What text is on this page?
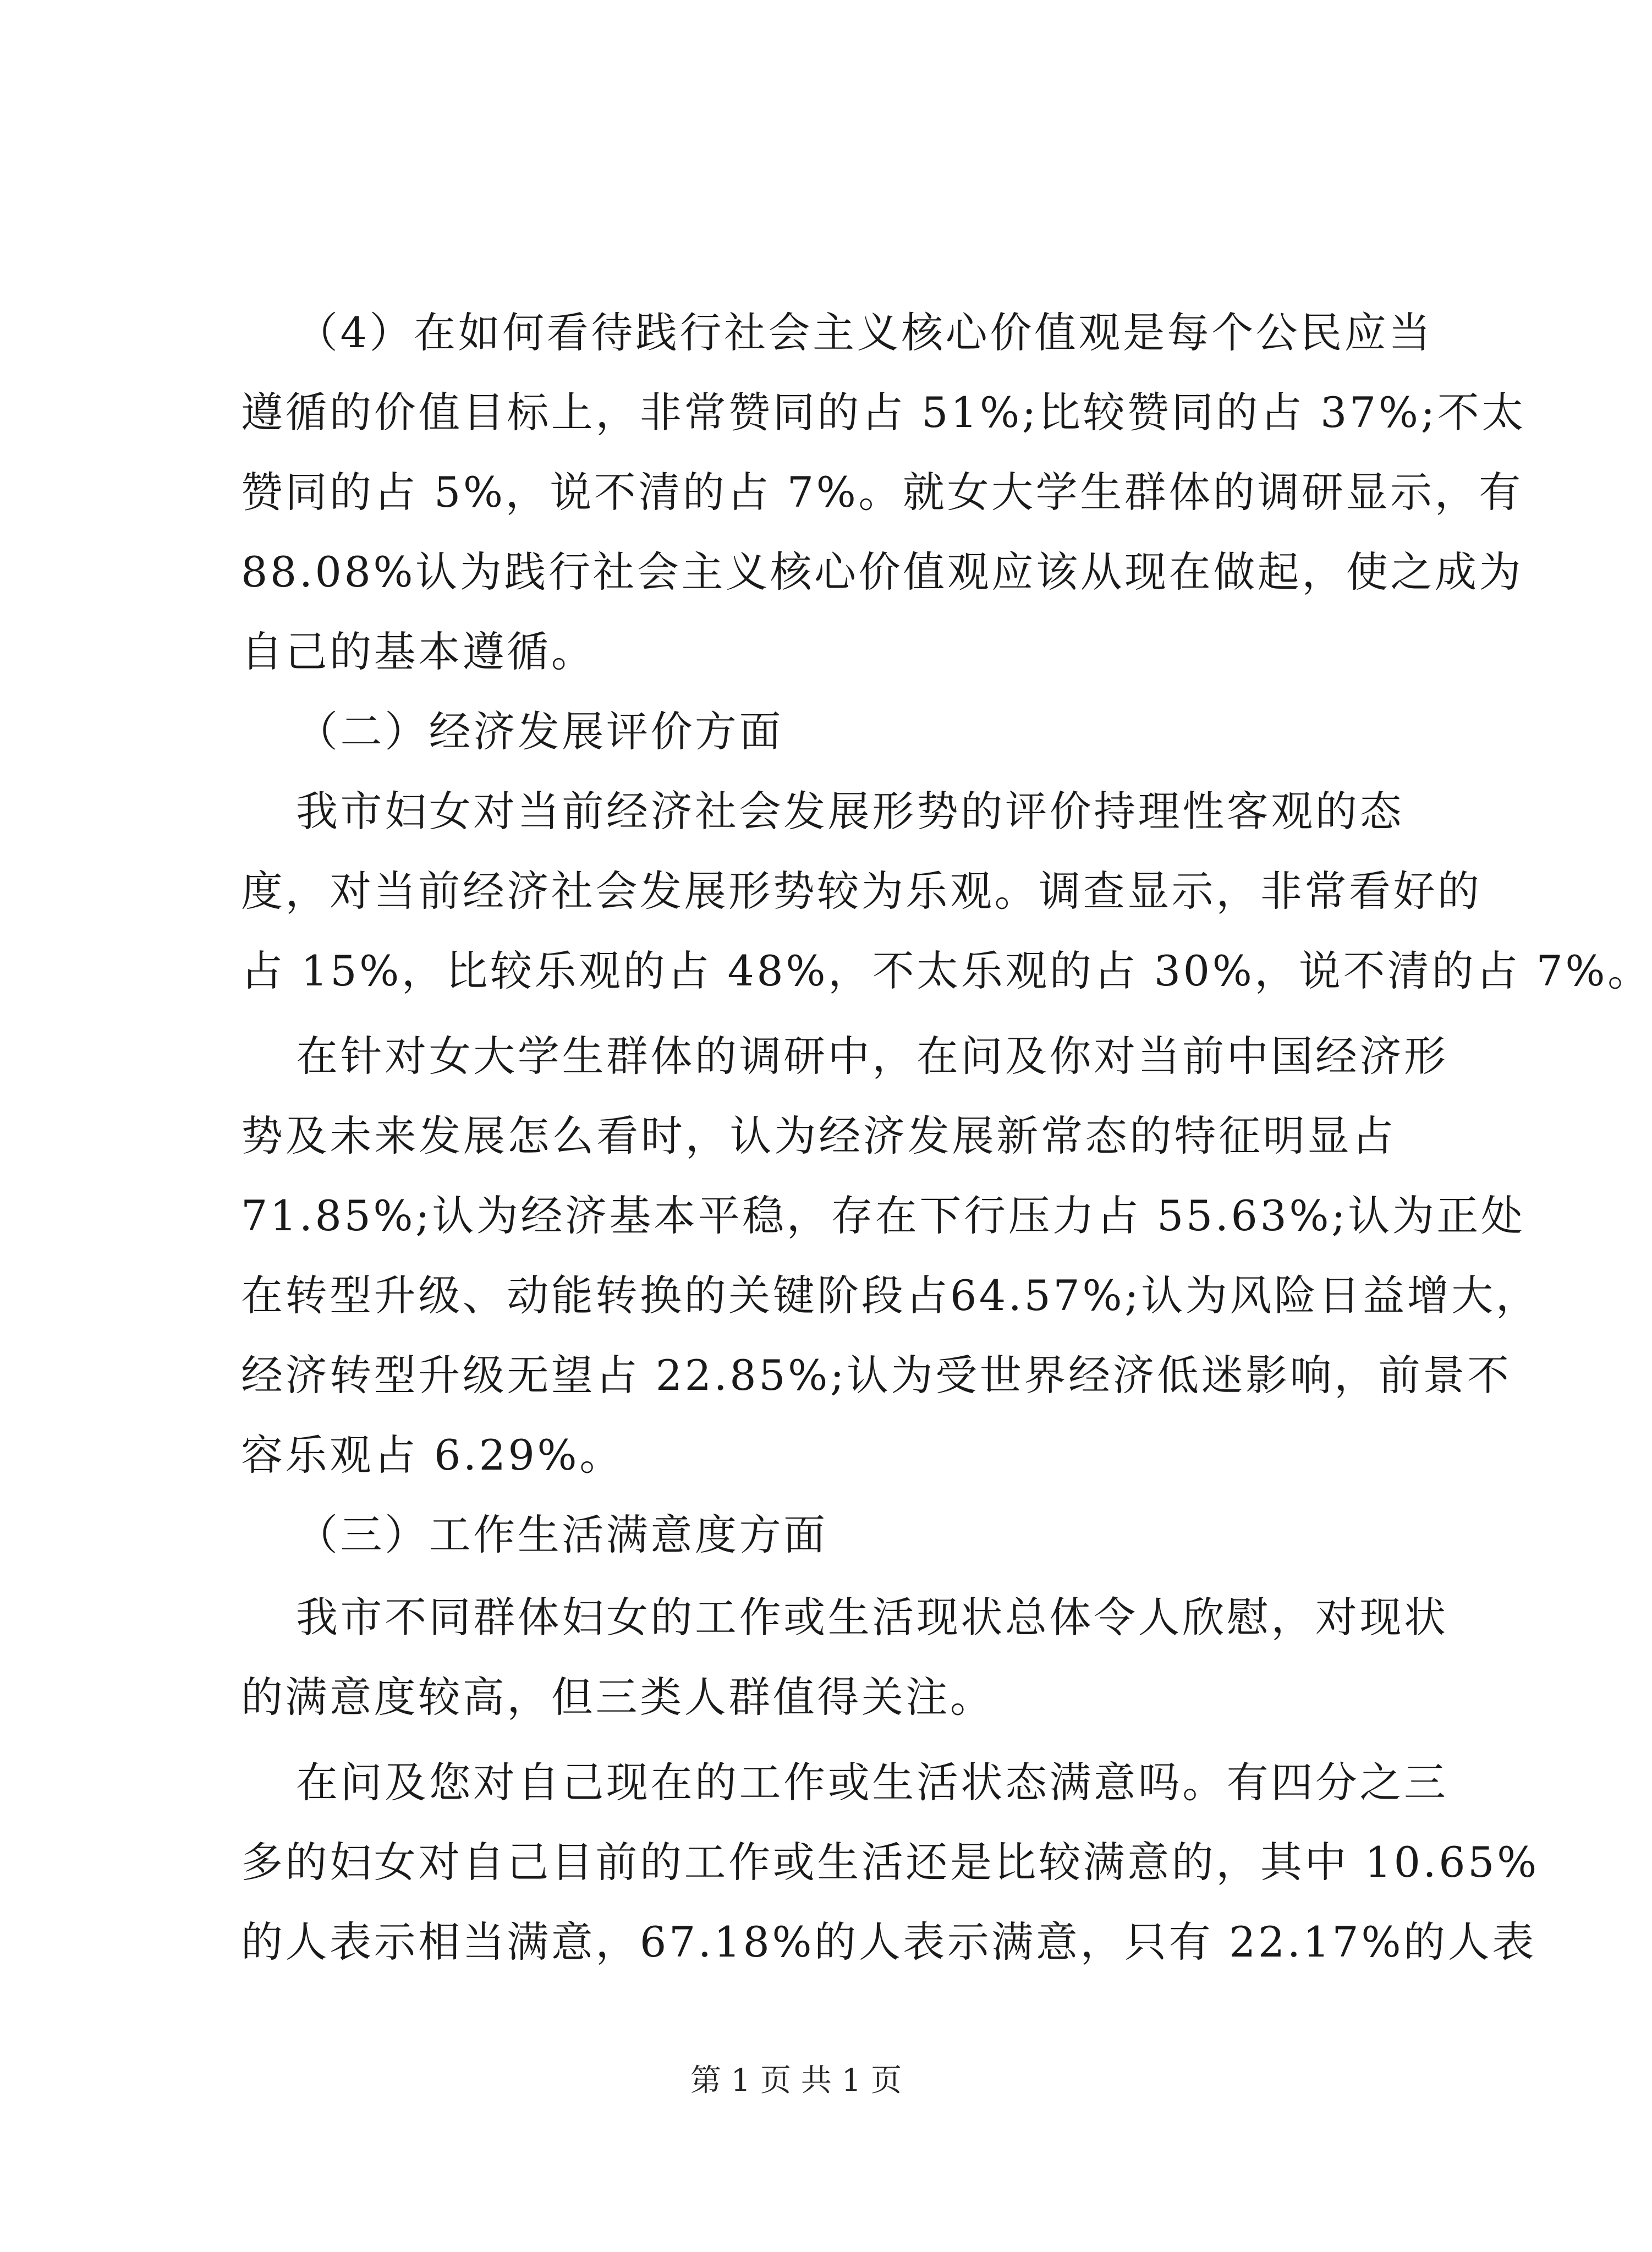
（4）在如何看待践行社会主义核心价值观是每个公民应当
遵循的价值目标上，非常赞同的占 51%;比较赞同的占 37%;不太
赞同的占 5%，说不清的占 7%。就女大学生群体的调研显示，有
88.08%认为践行社会主义核心价值观应该从现在做起，使之成为
自己的基本遵循。
（二）经济发展评价方面
我市妇女对当前经济社会发展形势的评价持理性客观的态
度，对当前经济社会发展形势较为乐观。调查显示，非常看好的
占 15%，比较乐观的占 48%，不太乐观的占 30%，说不清的占 7%。
在针对女大学生群体的调研中，在问及你对当前中国经济形
势及未来发展怎么看时，认为经济发展新常态的特征明显占
71.85%;认为经济基本平稳，存在下行压力占 55.63%;认为正处
在转型升级、动能转换的关键阶段占64.57%;认为风险日益增大，
经济转型升级无望占 22.85%;认为受世界经济低迷影响，前景不
容乐观占 6.29%。
（三）工作生活满意度方面
我市不同群体妇女的工作或生活现状总体令人欣慰，对现状
的满意度较高，但三类人群值得关注。
在问及您对自己现在的工作或生活状态满意吗。有四分之三
多的妇女对自己目前的工作或生活还是比较满意的，其中 10.65%
的人表示相当满意，67.18%的人表示满意，只有 22.17%的人表
第 1 页 共 1 页
